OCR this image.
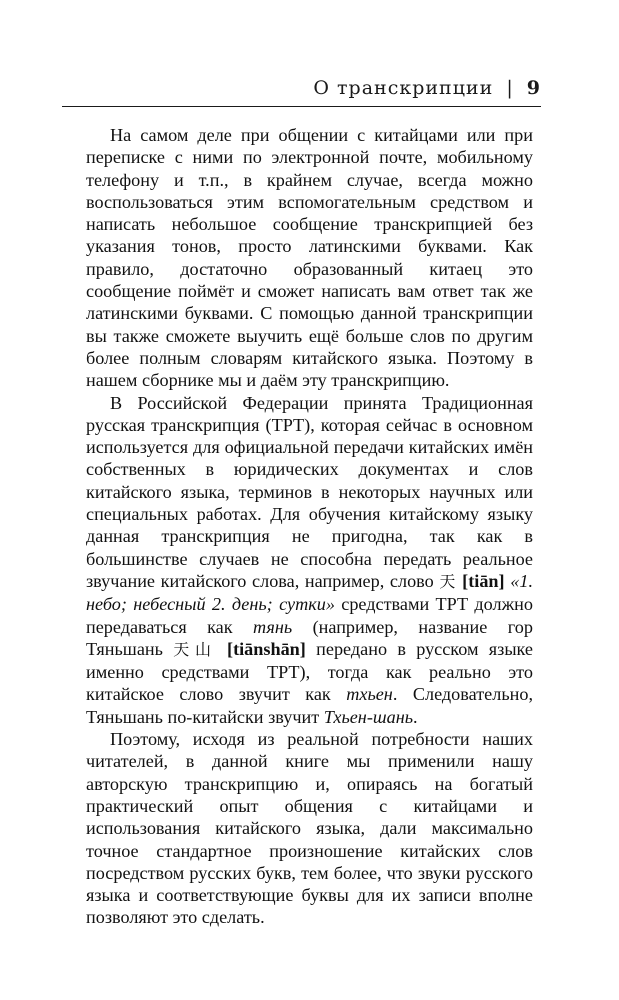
О транскрипции | 9

На самом деле при общении с китайцами или при переписке с ними по электронной почте, мобильному телефону и т.п., в крайнем случае, всегда можно воспользоваться этим вспомогательным средством и написать небольшое сообщение транскрипцией без указания тонов, просто латинскими буквами. Как правило, достаточно образованный китаец это сообщение поймёт и сможет написать вам ответ так же латинскими буквами. С помощью данной транскрипции вы также сможете выучить ещё больше слов по другим более полным словарям китайского языка. Поэтому в нашем сборнике мы и даём эту транскрипцию.

В Российской Федерации принята Традиционная русская транскрипция (ТРТ), которая сейчас в основном используется для официальной передачи китайских имён собственных в юридических документах и слов китайского языка, терминов в некоторых научных или специальных работах. Для обучения китайскому языку данная транскрипция не пригодна, так как в большинстве случаев не способна передать реальное звучание китайского слова, например, слово 天 [tiān] «1. небо; небесный 2. день; сутки» средствами ТРТ должно передаваться как тянь (например, название гор Тяньшань 天山 [tiānshān] передано в русском языке именно средствами ТРТ), тогда как реально это китайское слово звучит как тхьен. Следовательно, Тяньшань по-китайски звучит Тхьен-шань.

Поэтому, исходя из реальной потребности наших читателей, в данной книге мы применили нашу авторскую транскрипцию и, опираясь на богатый практический опыт общения с китайцами и использования китайского языка, дали максимально точное стандартное произношение китайских слов посредством русских букв, тем более, что звуки русского языка и соответствующие буквы для их записи вполне позволяют это сделать.
